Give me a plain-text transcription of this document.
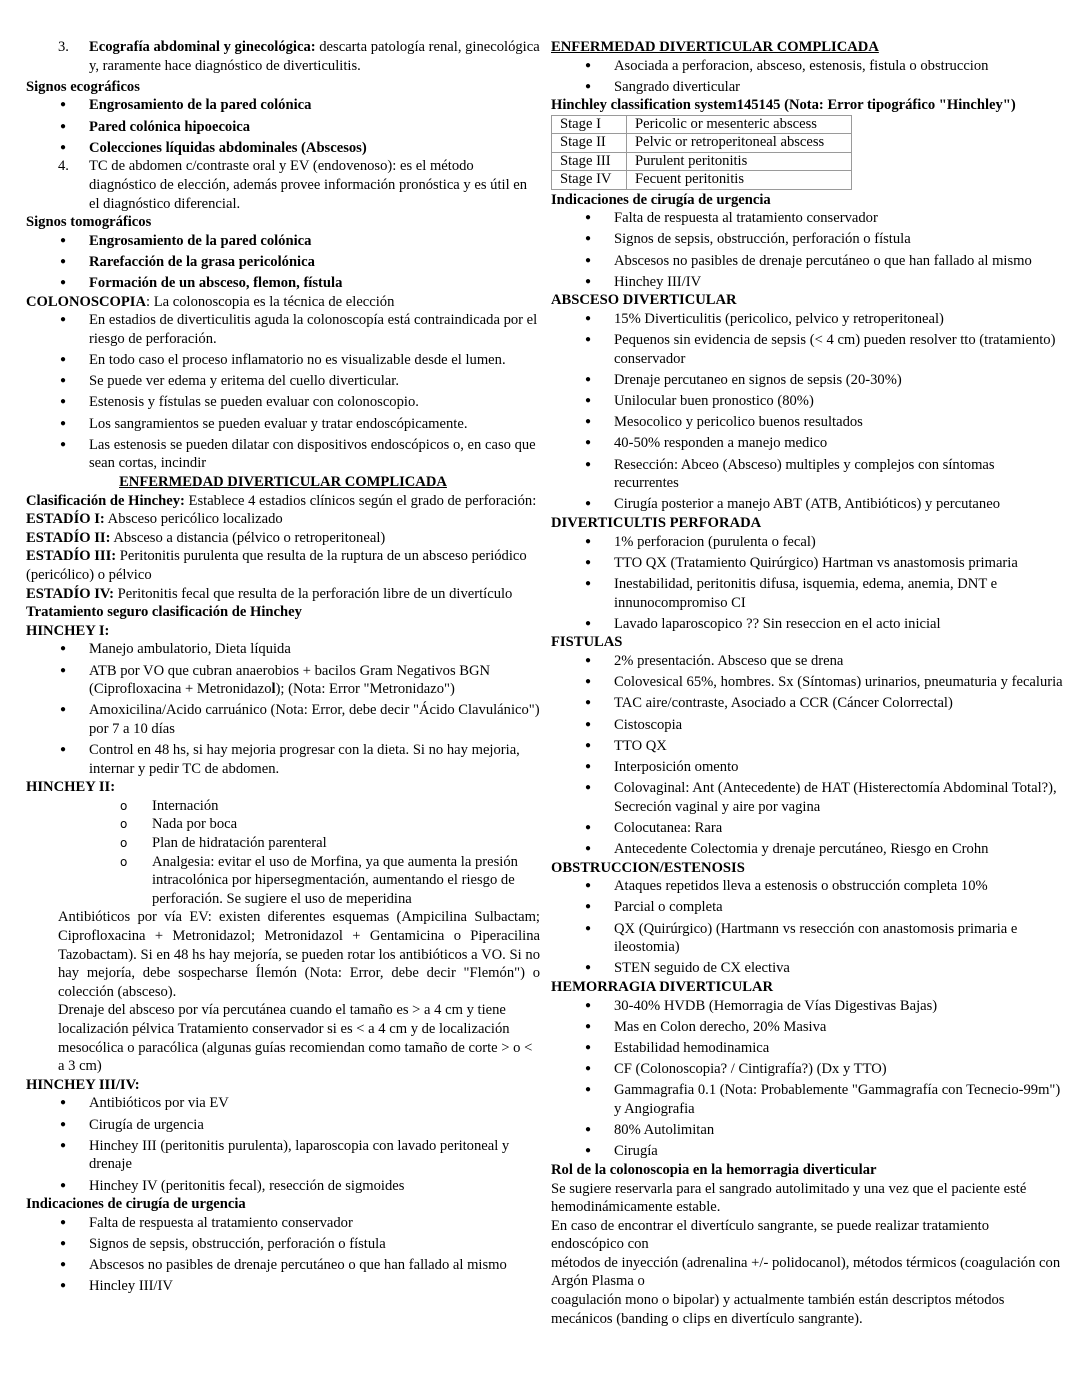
3. Ecografía abdominal y ginecológica: descarta patología renal, ginecológica y, raramente hace diagnóstico de diverticulitis.

Signos ecográficos

● Engrosamiento de la pared colónica
● Pared colónica hipoecoica
● Colecciones líquidas abdominales (Abscesos)
4. TC de abdomen c/contraste oral y EV (endovenoso): es el método diagnóstico de elección, además provee información pronóstica y es útil en el diagnóstico diferencial.

Signos tomográficos

● Engrosamiento de la pared colónica
● Rarefacción de la grasa pericolónica
● Formación de un absceso, flemon, fístula

COLONOSCOPIA: La colonoscopia es la técnica de elección

● En estadios de diverticulitis aguda la colonoscopía está contraindicada por el riesgo de perforación.
● En todo caso el proceso inflamatorio no es visualizable desde el lumen.
● Se puede ver edema y eritema del cuello diverticular.
● Estenosis y fístulas se pueden evaluar con colonoscopio.
● Los sangramientos se pueden evaluar y tratar endoscópicamente.
● Las estenosis se pueden dilatar con dispositivos endoscópicos o, en caso que sean cortas, incindir

ENFERMEDAD DIVERTICULAR COMPLICADA

Clasificación de Hinchey: Establece 4 estadios clínicos según el grado de perforación:

ESTADÍO I: Absceso pericólico localizado

ESTADÍO II: Absceso a distancia (pélvico o retroperitoneal)

ESTADÍO III: Peritonitis purulenta que resulta de la ruptura de un absceso periódico (pericólico) o pélvico

ESTADÍO IV: Peritonitis fecal que resulta de la perforación libre de un divertículo

Tratamiento seguro clasificación de Hinchey

HINCHEY I:

● Manejo ambulatorio, Dieta líquida
● ATB por VO que cubran anaerobios + bacilos Gram Negativos BGN (Ciprofloxacina + Metronidazol); (Nota: Error "Metronidazo")
● Amoxicilina/Acido carruánico (Nota: Error, debe decir "Ácido Clavulánico") por 7 a 10 días
● Control en 48 hs, si hay mejoria progresar con la dieta. Si no hay mejoria, internar y pedir TC de abdomen.

HINCHEY II:

o Internación
o Nada por boca
o Plan de hidratación parenteral
o Analgesia: evitar el uso de Morfina, ya que aumenta la presión intracolónica por hipersegmentación, aumentando el riesgo de perforación. Se sugiere el uso de meperidina

Antibióticos por vía EV: existen diferentes esquemas (Ampicilina Sulbactam; Ciprofloxacina + Metronidazol; Metronidazol + Gentamicina o Piperacilina Tazobactam). Si en 48 hs hay mejoría, se pueden rotar los antibióticos a VO. Si no hay mejoría, debe sospecharse Ílemón (Nota: Error, debe decir "Flemón") o colección (absceso).

Drenaje del absceso por vía percutánea cuando el tamaño es > a 4 cm y tiene localización pélvica Tratamiento conservador si es < a 4 cm y de localización mesocólica o paracólica (algunas guías recomiendan como tamaño de corte > o < a 3 cm)

HINCHEY III/IV:

● Antibióticos por via EV
● Cirugía de urgencia
● Hinchey III (peritonitis purulenta), laparoscopia con lavado peritoneal y drenaje
● Hinchey IV (peritonitis fecal), resección de sigmoides

Indicaciones de cirugía de urgencia

● Falta de respuesta al tratamiento conservador
● Signos de sepsis, obstrucción, perforación o fístula
● Abscesos no pasibles de drenaje percutáneo o que han fallado al mismo
● Hincley III/IV

ENFERMEDAD DIVERTICULAR COMPLICADA

● Asociada a perforacion, absceso, estenosis, fistula o obstruccion
● Sangrado diverticular

Hinchley classification system145145 (Nota: Error tipográfico "Hinchley")

Stage I	Pericolic or mesenteric abscess
Stage II	Pelvic or retroperitoneal abscess
Stage III	Purulent peritonitis
Stage IV	Fecuent peritonitis

Indicaciones de cirugía de urgencia

● Falta de respuesta al tratamiento conservador
● Signos de sepsis, obstrucción, perforación o fístula
● Abscesos no pasibles de drenaje percutáneo o que han fallado al mismo
● Hinchey III/IV

ABSCESO DIVERTICULAR

● 15% Diverticulitis (pericolico, pelvico y retroperitoneal)
● Pequenos sin evidencia de sepsis (< 4 cm) pueden resolver tto (tratamiento) conservador
● Drenaje percutaneo en signos de sepsis (20-30%)
● Unilocular buen pronostico (80%)
● Mesocolico y pericolico buenos resultados
● 40-50% responden a manejo medico
● Resección: Abceo (Absceso) multiples y complejos con síntomas recurrentes
● Cirugía posterior a manejo ABT (ATB, Antibióticos) y percutaneo

DIVERTICULTIS PERFORADA

● 1% perforacion (purulenta o fecal)
● TTO QX (Tratamiento Quirúrgico) Hartman vs anastomosis primaria
● Inestabilidad, peritonitis difusa, isquemia, edema, anemia, DNT e innunocompromiso CI
● Lavado laparoscopico ?? Sin reseccion en el acto inicial

FISTULAS

● 2% presentación. Absceso que se drena
● Colovesical 65%, hombres. Sx (Síntomas) urinarios, pneumaturia y fecaluria
● TAC aire/contraste, Asociado a CCR (Cáncer Colorrectal)
● Cistoscopia
● TTO QX
● Interposición omento
● Colovaginal: Ant (Antecedente) de HAT (Histerectomía Abdominal Total?), Secreción vaginal y aire por vagina
● Colocutanea: Rara
● Antecedente Colectomia y drenaje percutáneo, Riesgo en Crohn

OBSTRUCCION/ESTENOSIS

● Ataques repetidos lleva a estenosis o obstrucción completa 10%
● Parcial o completa
● QX (Quirúrgico) (Hartmann vs resección con anastomosis primaria e ileostomia)
● STEN seguido de CX electiva

HEMORRAGIA DIVERTICULAR

● 30-40% HVDB (Hemorragia de Vías Digestivas Bajas)
● Mas en Colon derecho, 20% Masiva
● Estabilidad hemodinamica
● CF (Colonoscopia? / Cintigrafía?) (Dx y TTO)
● Gammagrafia 0.1 (Nota: Probablemente "Gammagrafía con Tecnecio-99m") y Angiografia
● 80% Autolimitan
● Cirugía

Rol de la colonoscopia en la hemorragia diverticular

Se sugiere reservarla para el sangrado autolimitado y una vez que el paciente esté hemodinámicamente estable.

En caso de encontrar el divertículo sangrante, se puede realizar tratamiento endoscópico con

métodos de inyección (adrenalina +/- polidocanol), métodos térmicos (coagulación con Argón Plasma o

coagulación mono o bipolar) y actualmente también están descriptos métodos mecánicos (banding o clips en divertículo sangrante).
